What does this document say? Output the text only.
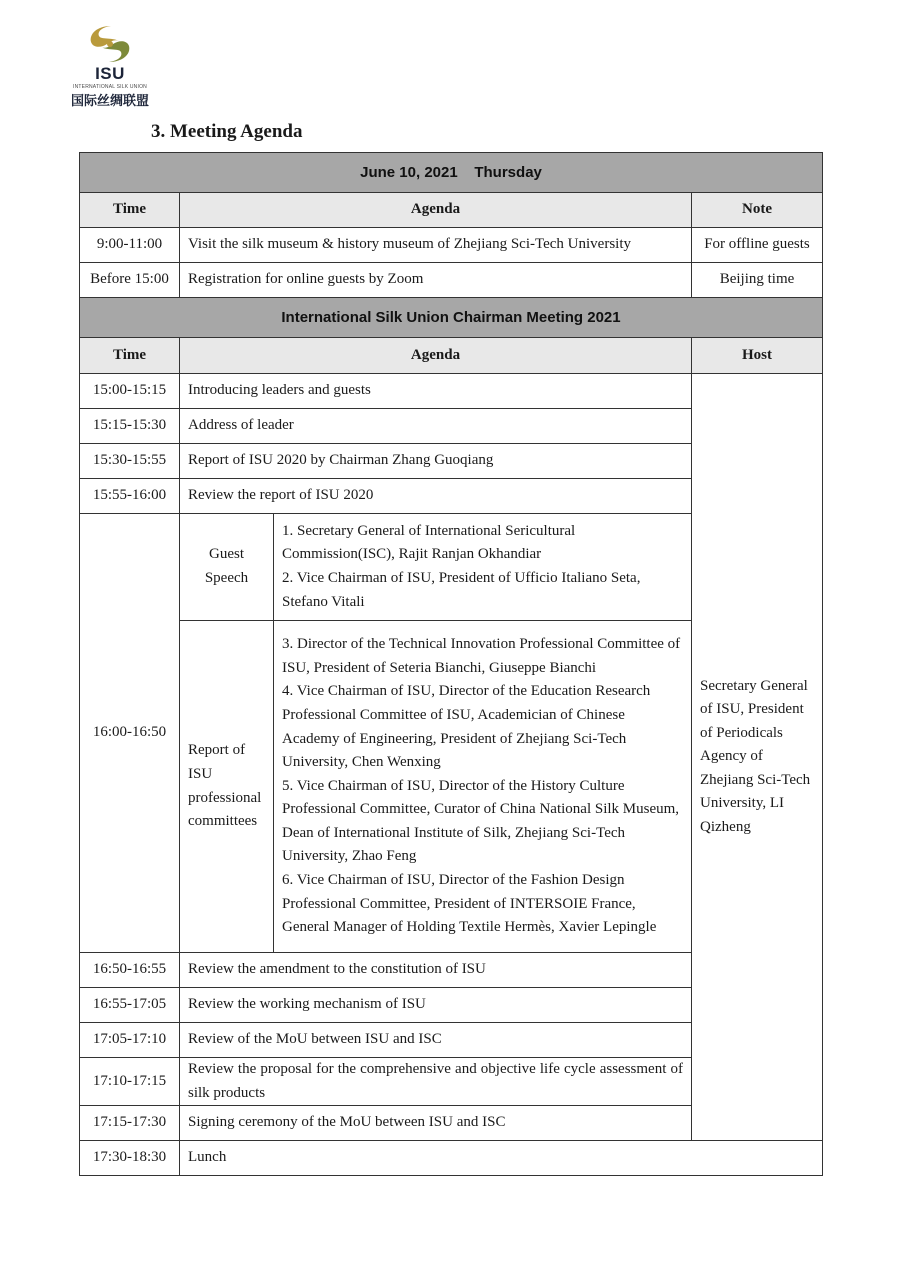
ISU
INTERNATIONAL SILK UNION
国际丝绸联盟
3. Meeting Agenda
June 10, 2021    Thursday			
Time	Agenda		Note
9:00-11:00	Visit the silk museum & history museum of Zhejiang Sci-Tech University		For offline guests
Before 15:00	Registration for online guests by Zoom		Beijing time
International Silk Union Chairman Meeting 2021			
Time	Agenda		Host
15:00-15:15	Introducing leaders and guests		Secretary General of ISU, President of Periodicals Agency of Zhejiang Sci-Tech University, LI Qizheng
15:15-15:30	Address of leader		
15:30-15:55	Report of ISU 2020 by Chairman Zhang Guoqiang		
15:55-16:00	Review the report of ISU 2020		
16:00-16:50	Guest Speech	1. Secretary General of International Sericultural Commission(ISC), Rajit Ranjan Okhandiar
2. Vice Chairman of ISU, President of Ufficio Italiano Seta, Stefano Vitali	

	Report of ISU professional committees	3. Director of the Technical Innovation Professional Committee of ISU, President of Seteria Bianchi, Giuseppe Bianchi
4. Vice Chairman of ISU, Director of the Education Research Professional Committee of ISU, Academician of Chinese Academy of Engineering, President of Zhejiang Sci-Tech University, Chen Wenxing
5. Vice Chairman of ISU, Director of the History Culture Professional Committee, Curator of China National Silk Museum, Dean of International Institute of Silk, Zhejiang Sci-Tech University, Zhao Feng
6. Vice Chairman of ISU, Director of the Fashion Design Professional Committee, President of INTERSOIE France, General Manager of Holding Textile Hermès, Xavier Lepingle	

16:50-16:55	Review the amendment to the constitution of ISU		
16:55-17:05	Review the working mechanism of ISU		
17:05-17:10	Review of the MoU between ISU and ISC		
17:10-17:15	Review the proposal for the comprehensive and objective life cycle assessment of silk products		
17:15-17:30	Signing ceremony of the MoU between ISU and ISC		
17:30-18:30	Lunch		
